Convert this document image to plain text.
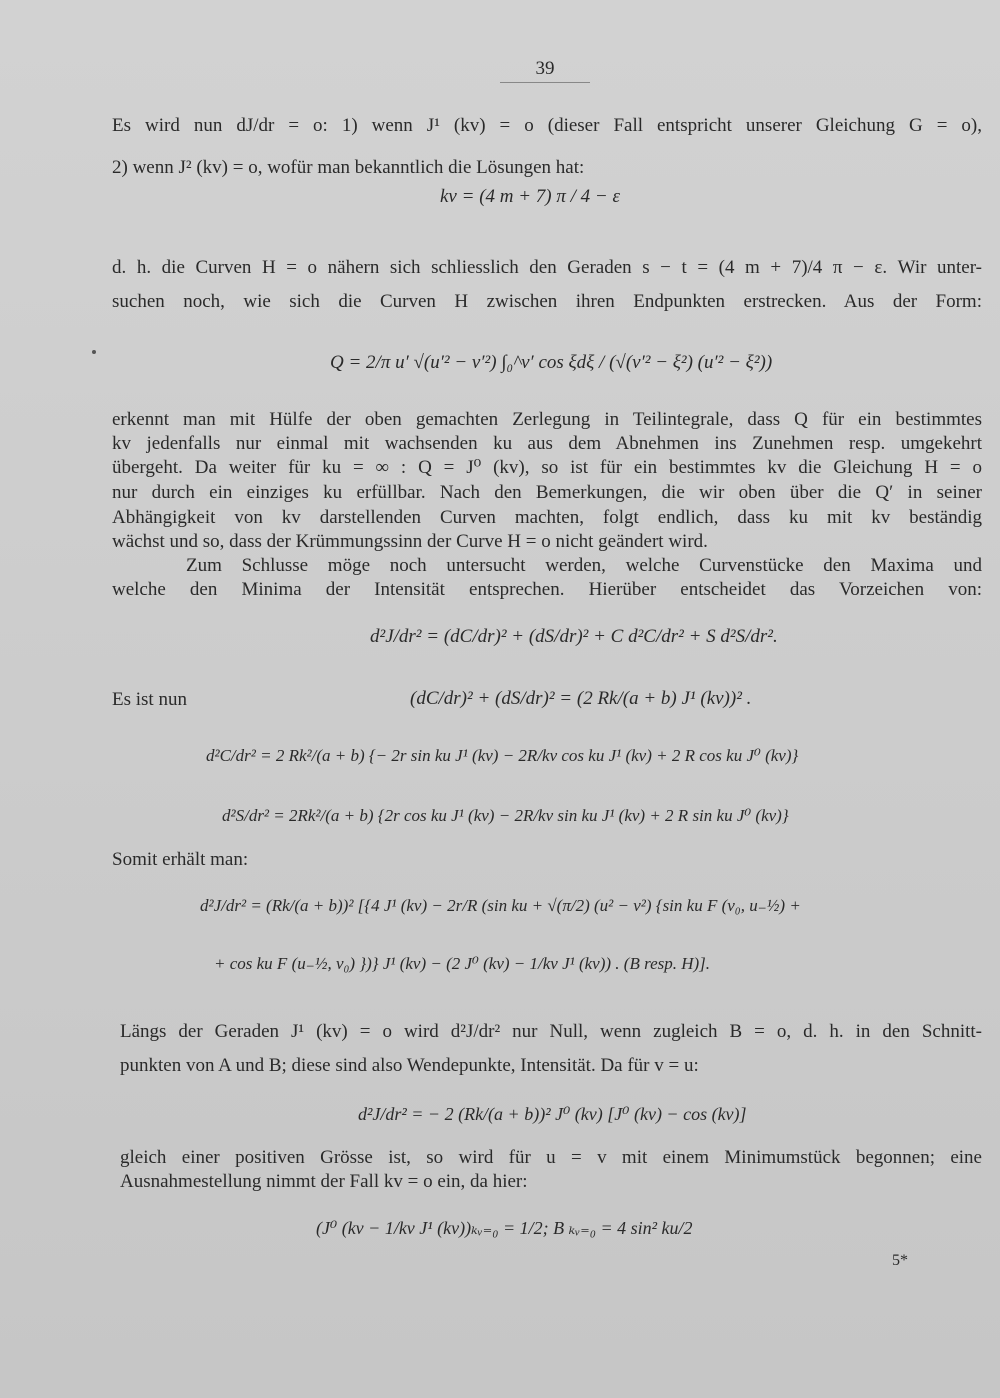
39
Es wird nun dJ/dr = o: 1) wenn J¹ (kv) = o (dieser Fall entspricht unserer Gleichung G = o),
2) wenn J² (kv) = o, wofür man bekanntlich die Lösungen hat:
kv = (4 m + 7) π / 4 − ε
d. h. die Curven H = o nähern sich schliesslich den Geraden s − t = (4 m + 7)/4 π − ε. Wir unter-
suchen noch, wie sich die Curven H zwischen ihren Endpunkten erstrecken. Aus der Form:
Q = 2/π u′ √(u′² − v′²) ∫₀^v′ cos ξdξ / (√(v′² − ξ²) (u′² − ξ²))
erkennt man mit Hülfe der oben gemachten Zerlegung in Teilintegrale, dass Q für ein bestimmtes
kv jedenfalls nur einmal mit wachsenden ku aus dem Abnehmen ins Zunehmen resp. umgekehrt
übergeht. Da weiter für ku = ∞ : Q = J⁰ (kv), so ist für ein bestimmtes kv die Gleichung H = o
nur durch ein einziges ku erfüllbar. Nach den Bemerkungen, die wir oben über die Q′ in seiner
Abhängigkeit von kv darstellenden Curven machten, folgt endlich, dass ku mit kv beständig
wächst und so, dass der Krümmungssinn der Curve H = o nicht geändert wird.
Zum Schlusse möge noch untersucht werden, welche Curvenstücke den Maxima und
welche den Minima der Intensität entsprechen. Hierüber entscheidet das Vorzeichen von:
d²J/dr² = (dC/dr)² + (dS/dr)² + C d²C/dr² + S d²S/dr².
Es ist nun	(dC/dr)² + (dS/dr)² = (2 Rk/(a + b) J¹ (kv))² .
d²C/dr² = 2 Rk²/(a + b) {− 2r sin ku J¹ (kv) − 2R/kv cos ku J¹ (kv) + 2 R cos ku J⁰ (kv)}
d²S/dr² = 2Rk²/(a + b) {2r cos ku J¹ (kv) − 2R/kv sin ku J¹ (kv) + 2 R sin ku J⁰ (kv)}
Somit erhält man:
d²J/dr² = (Rk/(a + b))² [{4 J¹ (kv) − 2r/R (sin ku + √(π/2) (u² − v²) {sin ku F (v₀, u₋½) +
+ cos ku F (u₋½, v₀) })} J¹ (kv) − (2 J⁰ (kv) − 1/kv J¹ (kv)) . (B resp. H)].
Längs der Geraden J¹ (kv) = o wird d²J/dr² nur Null, wenn zugleich B = o, d. h. in den Schnitt-
punkten von A und B; diese sind also Wendepunkte, Intensität. Da für v = u:
d²J/dr² = − 2 (Rk/(a + b))² J⁰ (kv) [J⁰ (kv) − cos (kv)]
gleich einer positiven Grösse ist, so wird für u = v mit einem Minimumstück begonnen; eine
Ausnahmestellung nimmt der Fall kv = o ein, da hier:
(J⁰ (kv − 1/kv J¹ (kv))ₖᵥ₌₀ = 1/2; B ₖᵥ₌₀ = 4 sin² ku/2
5*
